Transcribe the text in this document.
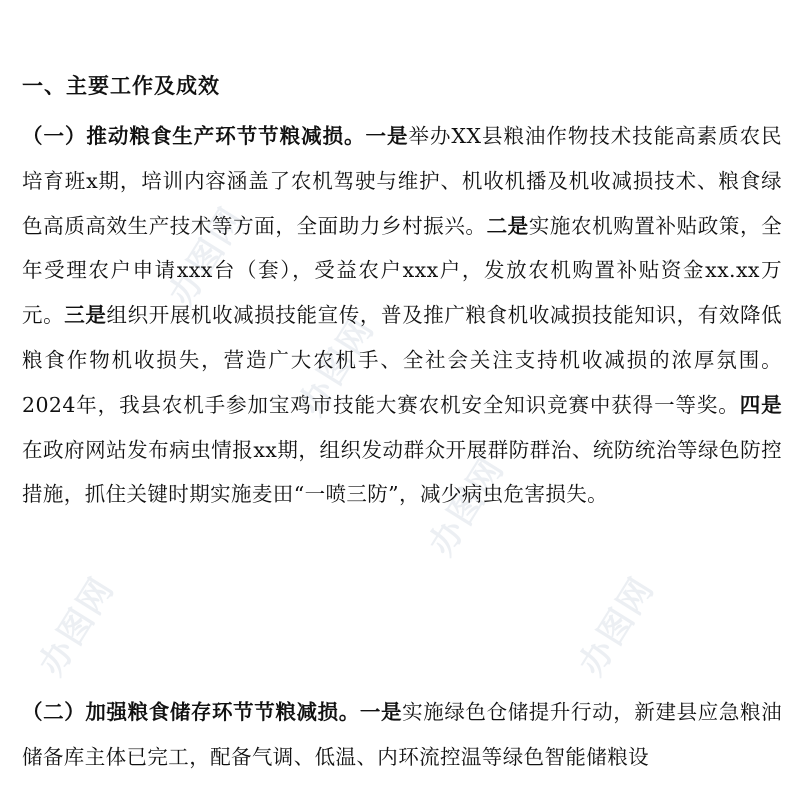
办图网
办图网
办图网
办图网	办图网
一、主要工作及成效

（一）推动粮食生产环节节粮减损。一是举办XX县粮油作物技术技能高素质农民培育班x期，培训内容涵盖了农机驾驶与维护、机收机播及机收减损技术、粮食绿色高质高效生产技术等方面，全面助力乡村振兴。二是实施农机购置补贴政策，全年受理农户申请xxx台（套），受益农户xxx户，发放农机购置补贴资金xx.xx万元。三是组织开展机收减损技能宣传，普及推广粮食机收减损技能知识，有效降低粮食作物机收损失，营造广大农机手、全社会关注支持机收减损的浓厚氛围。2024年，我县农机手参加宝鸡市技能大赛农机安全知识竞赛中获得一等奖。四是在政府网站发布病虫情报xx期，组织发动群众开展群防群治、统防统治等绿色防控措施，抓住关键时期实施麦田“一喷三防”，减少病虫危害损失。

（二）加强粮食储存环节节粮减损。一是实施绿色仓储提升行动，新建县应急粮油储备库主体已完工，配备气调、低温、内环流控温等绿色智能储粮设
